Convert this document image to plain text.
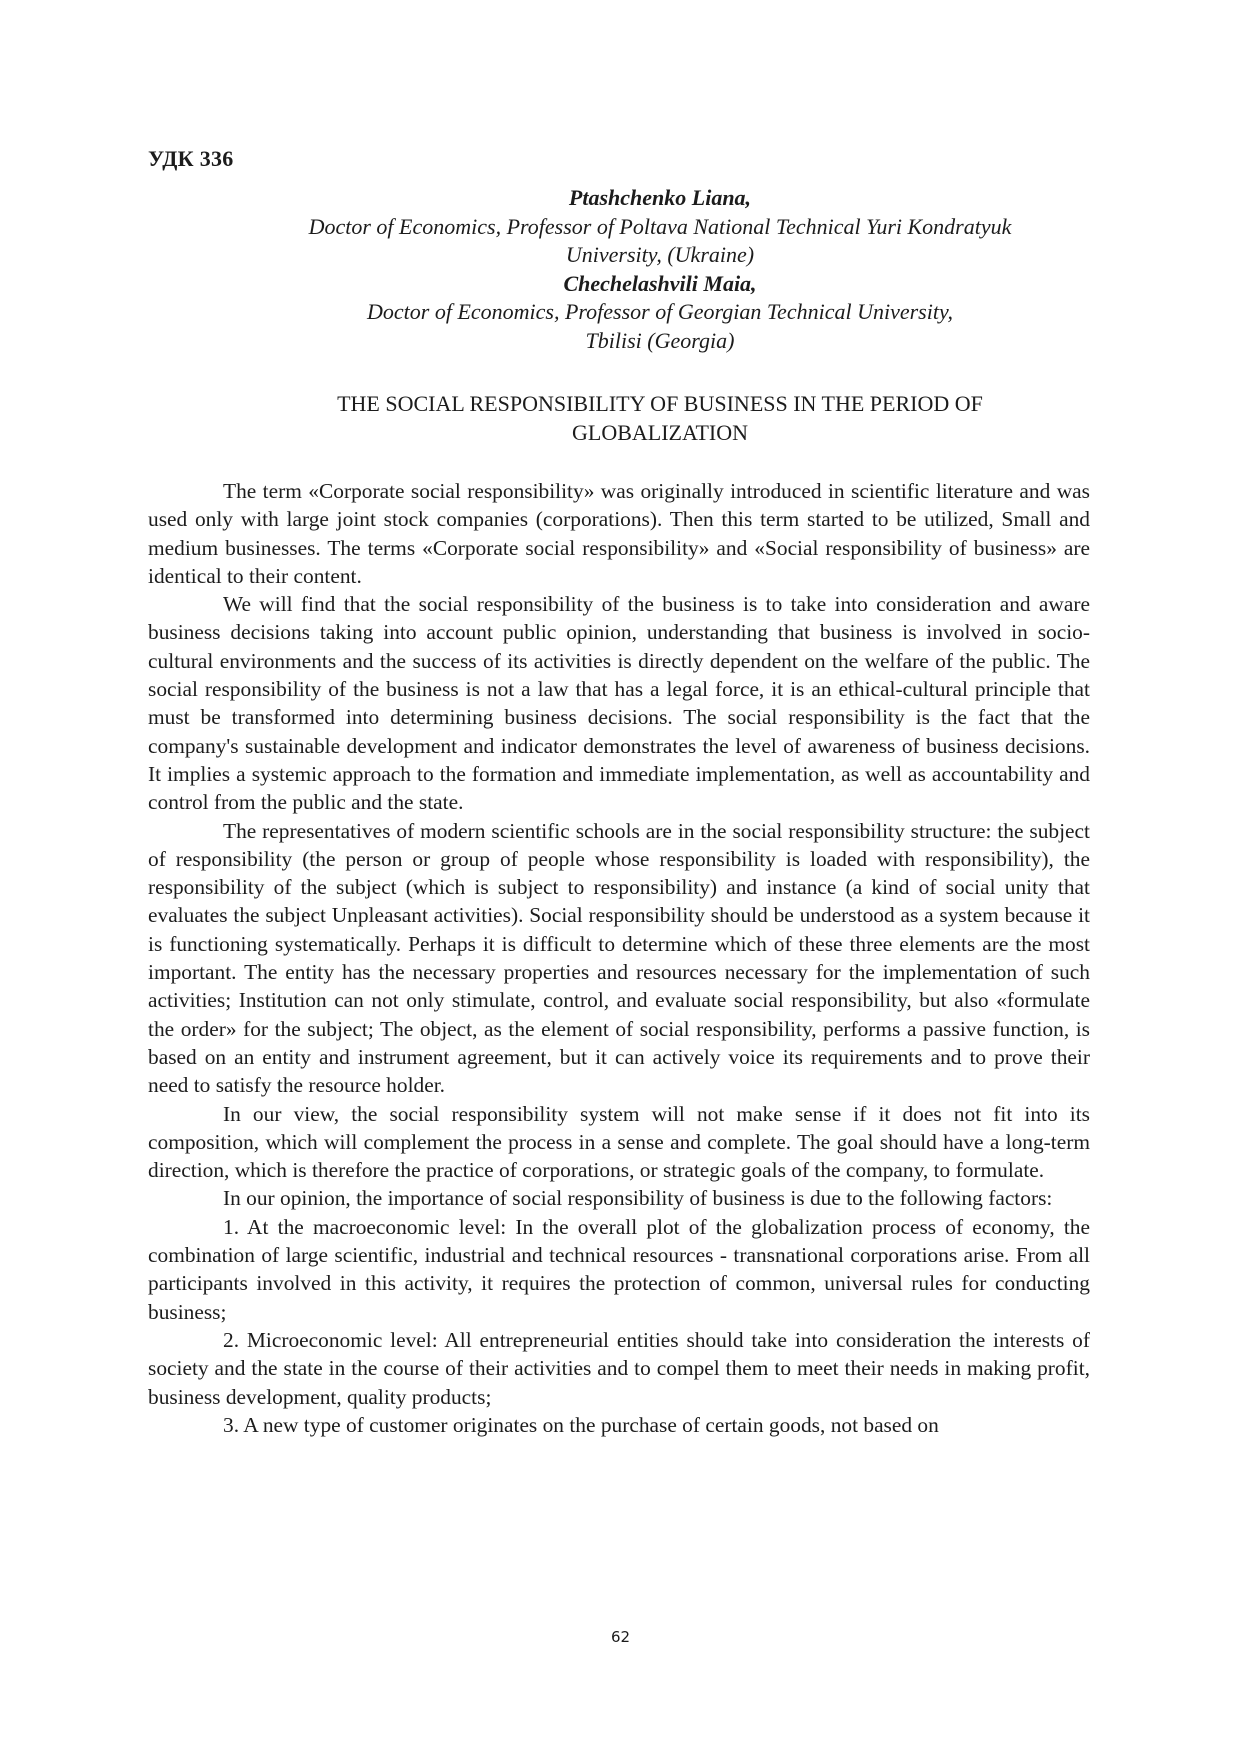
УДК 336
Ptashchenko Liana,
Doctor of Economics, Professor of Poltava National Technical Yuri Kondratyuk
University, (Ukraine)
Chechelashvili Maia,
Doctor of Economics, Professor of Georgian Technical University,
Tbilisi (Georgia)
THE SOCIAL RESPONSIBILITY OF BUSINESS IN THE PERIOD OF
GLOBALIZATION

The term «Corporate social responsibility» was originally introduced in scientific literature and was used only with large joint stock companies (corporations). Then this term started to be utilized, Small and medium businesses. The terms «Corporate social responsibility» and «Social responsibility of business» are identical to their content.

We will find that the social responsibility of the business is to take into consideration and aware business decisions taking into account public opinion, understanding that business is involved in socio-cultural environments and the success of its activities is directly dependent on the welfare of the public. The social responsibility of the business is not a law that has a legal force, it is an ethical-cultural principle that must be transformed into determining business decisions. The social responsibility is the fact that the company's sustainable development and indicator demonstrates the level of awareness of business decisions. It implies a systemic approach to the formation and immediate implementation, as well as accountability and control from the public and the state.

The representatives of modern scientific schools are in the social responsibility structure: the subject of responsibility (the person or group of people whose responsibility is loaded with responsibility), the responsibility of the subject (which is subject to responsibility) and instance (a kind of social unity that evaluates the subject Unpleasant activities). Social responsibility should be understood as a system because it is functioning systematically. Perhaps it is difficult to determine which of these three elements are the most important. The entity has the necessary properties and resources necessary for the implementation of such activities; Institution can not only stimulate, control, and evaluate social responsibility, but also «formulate the order» for the subject; The object, as the element of social responsibility, performs a passive function, is based on an entity and instrument agreement, but it can actively voice its requirements and to prove their need to satisfy the resource holder.

In our view, the social responsibility system will not make sense if it does not fit into its composition, which will complement the process in a sense and complete. The goal should have a long-term direction, which is therefore the practice of corporations, or strategic goals of the company, to formulate.

In our opinion, the importance of social responsibility of business is due to the following factors:

1. At the macroeconomic level: In the overall plot of the globalization process of economy, the combination of large scientific, industrial and technical resources - transnational corporations arise. From all participants involved in this activity, it requires the protection of common, universal rules for conducting business;

2. Microeconomic level: All entrepreneurial entities should take into consideration the interests of society and the state in the course of their activities and to compel them to meet their needs in making profit, business development, quality products;

3. A new type of customer originates on the purchase of certain goods, not based on

62
